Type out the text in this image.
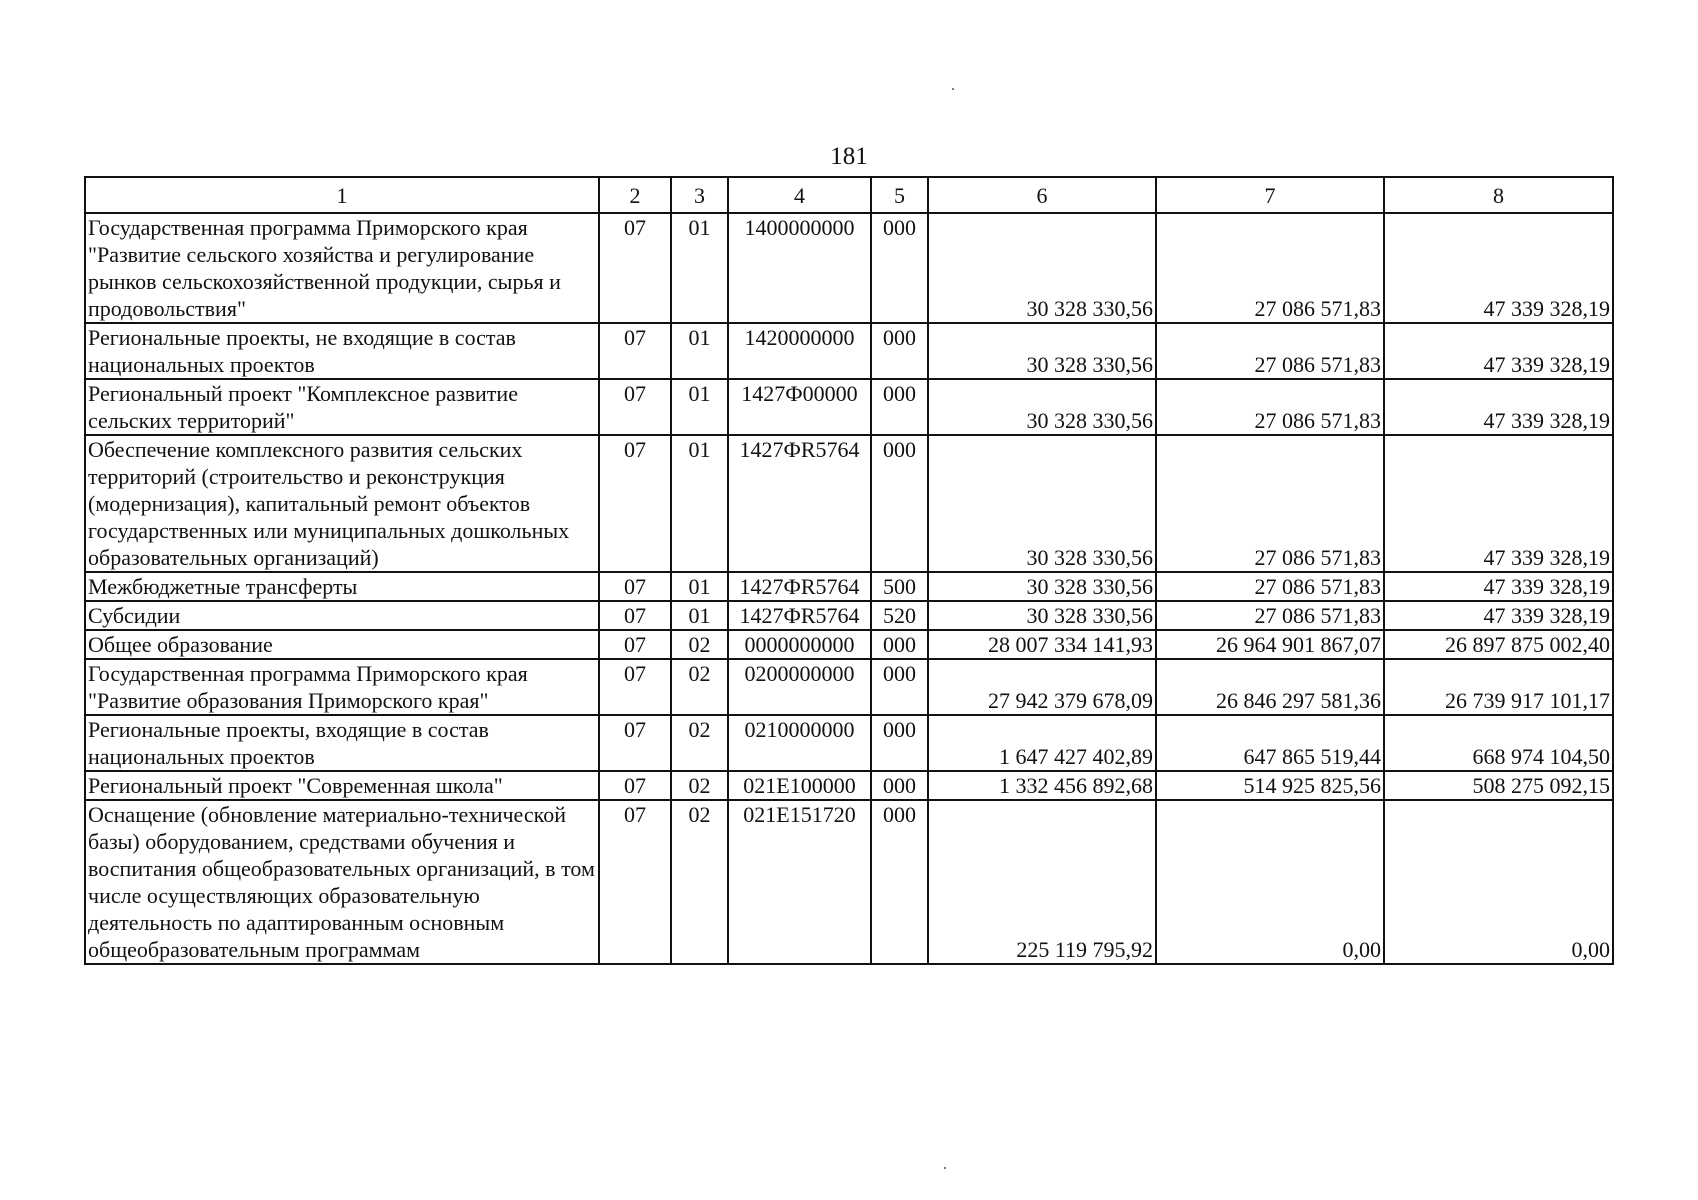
181
1	2	3	4	5	6	7	8
Государственная программа Приморского края "Развитие сельского хозяйства и регулирование рынков сельскохозяйственной продукции, сырья и продовольствия"	07	01	1400000000	000	30 328 330,56	27 086 571,83	47 339 328,19
Региональные проекты, не входящие в состав национальных проектов	07	01	1420000000	000	30 328 330,56	27 086 571,83	47 339 328,19
Региональный проект "Комплексное развитие сельских территорий"	07	01	1427Ф00000	000	30 328 330,56	27 086 571,83	47 339 328,19
Обеспечение комплексного развития сельских территорий (строительство и реконструкция (модернизация), капитальный ремонт объектов государственных или муниципальных дошкольных образовательных организаций)	07	01	1427ФR5764	000	30 328 330,56	27 086 571,83	47 339 328,19
Межбюджетные трансферты	07	01	1427ФR5764	500	30 328 330,56	27 086 571,83	47 339 328,19
Субсидии	07	01	1427ФR5764	520	30 328 330,56	27 086 571,83	47 339 328,19
Общее образование	07	02	0000000000	000	28 007 334 141,93	26 964 901 867,07	26 897 875 002,40
Государственная программа Приморского края "Развитие образования Приморского края"	07	02	0200000000	000	27 942 379 678,09	26 846 297 581,36	26 739 917 101,17
Региональные проекты, входящие в состав национальных проектов	07	02	0210000000	000	1 647 427 402,89	647 865 519,44	668 974 104,50
Региональный проект "Современная школа"	07	02	021Е100000	000	1 332 456 892,68	514 925 825,56	508 275 092,15
Оснащение (обновление материально-технической базы) оборудованием, средствами обучения и воспитания общеобразовательных организаций, в том числе осуществляющих образовательную деятельность по адаптированным основным общеобразовательным программам	07	02	021Е151720	000	225 119 795,92	0,00	0,00
